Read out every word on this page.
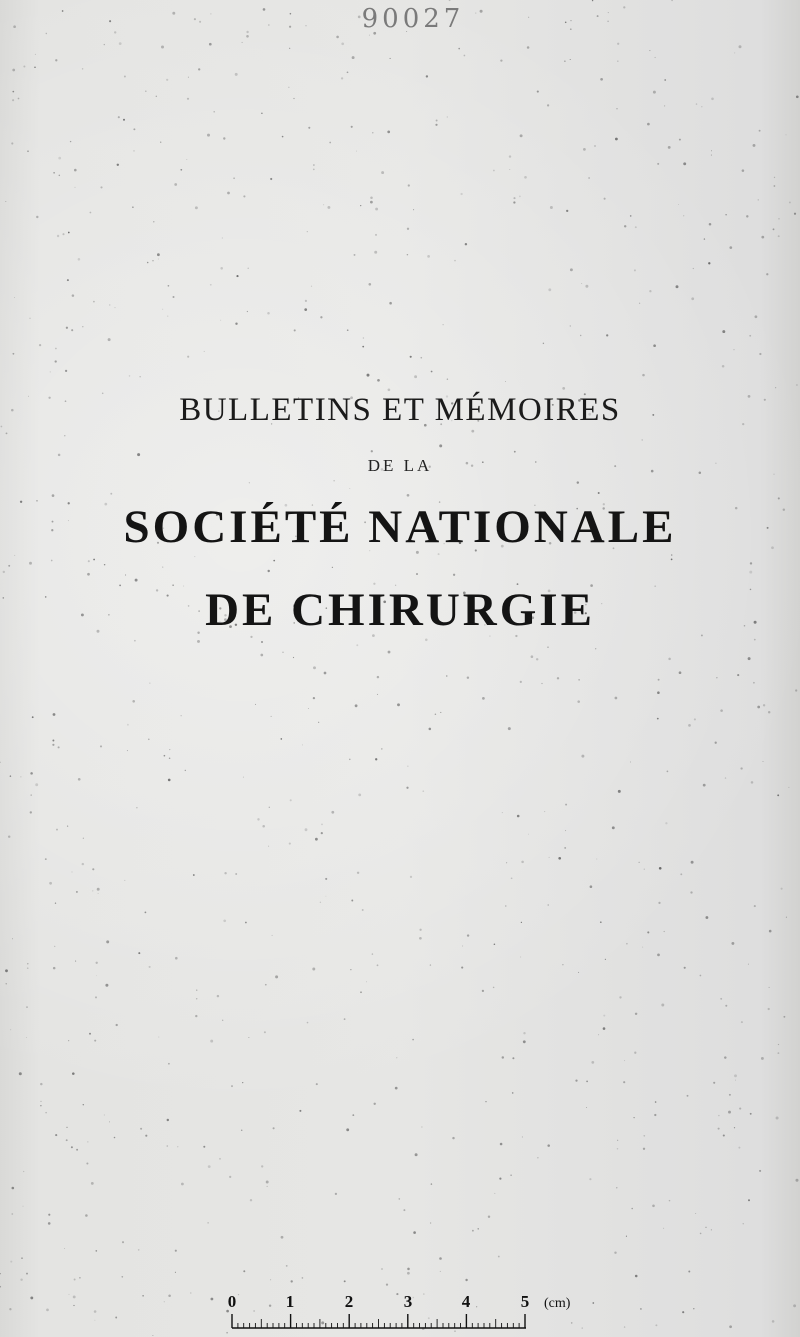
90027
BULLETINS ET MÉMOIRES
DE LA
SOCIÉTÉ NATIONALE
DE CHIRURGIE
0	1	2	3	4	5 (cm)
